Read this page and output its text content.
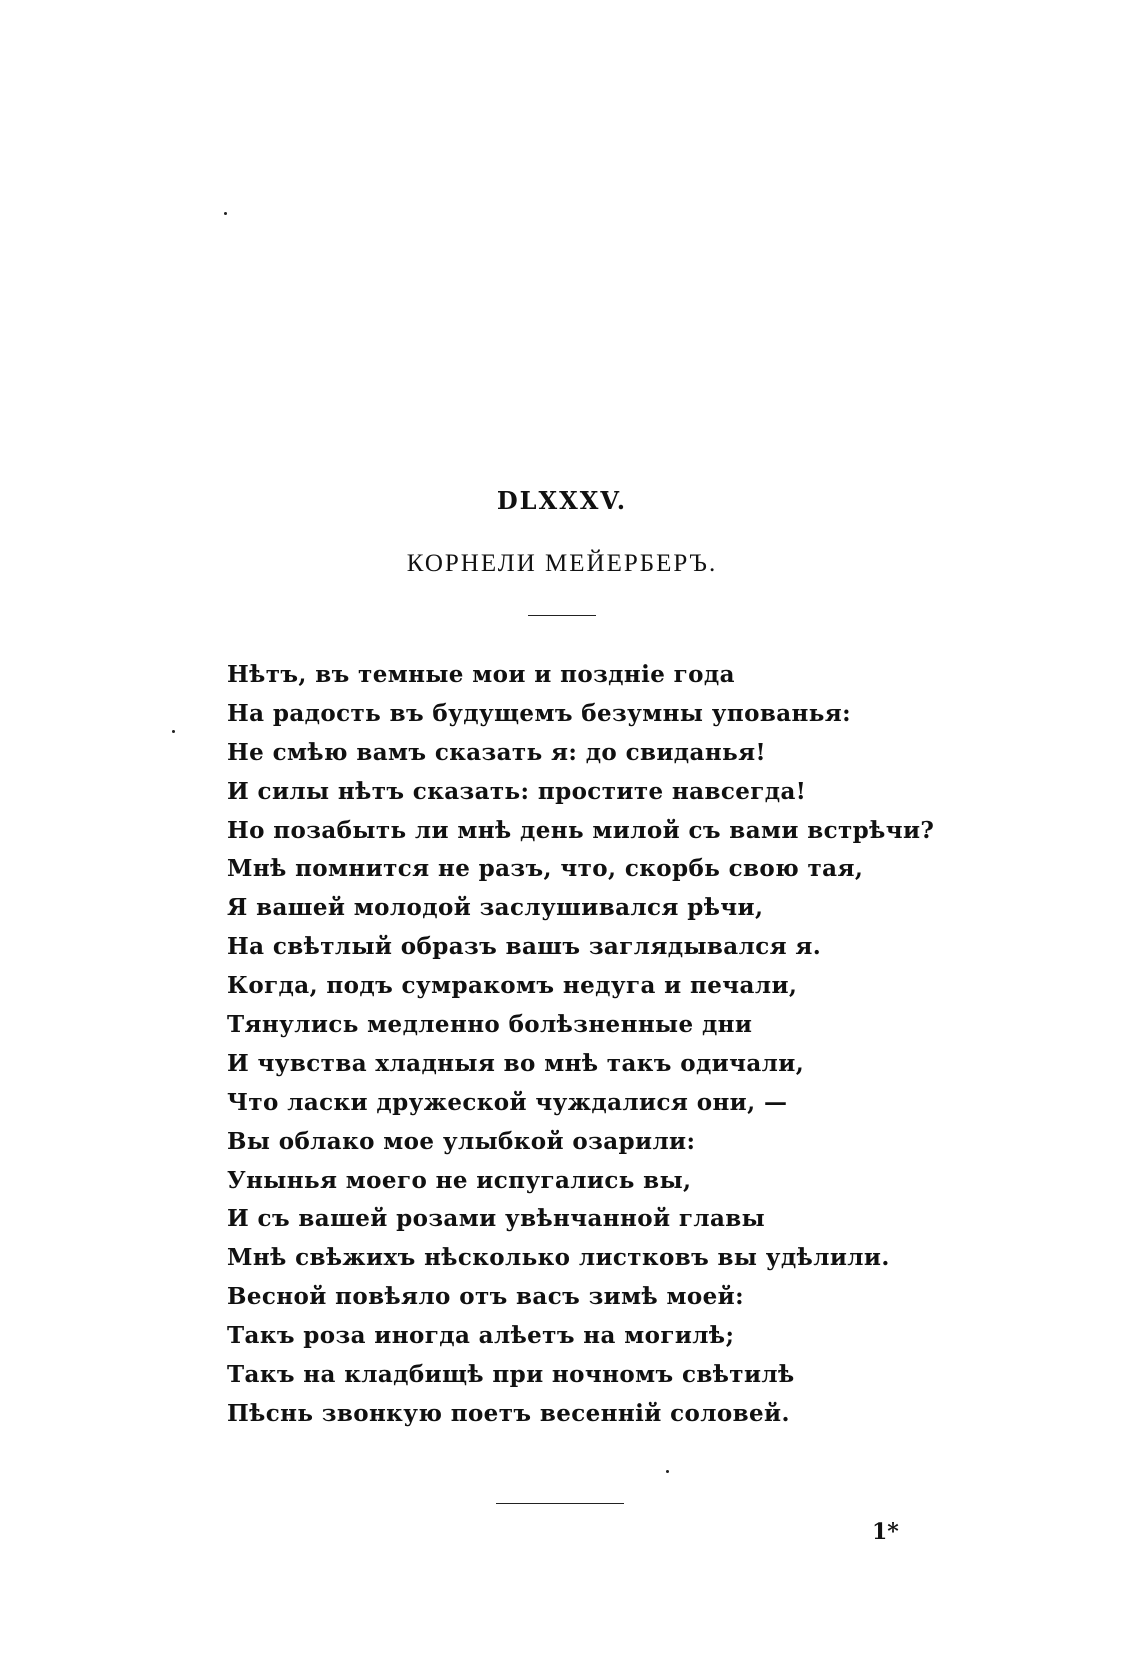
DLXXXV.
КОРНЕЛИ МЕЙЕРБЕРЪ.
Нѣтъ, въ темные мои и поздніе года
На радость въ будущемъ безумны упованья:
Не смѣю вамъ сказать я: до свиданья!
И силы нѣтъ сказать: простите навсегда!
Но позабыть ли мнѣ день милой съ вами встрѣчи?
Мнѣ помнится не разъ, что, скорбь свою тая,
Я вашей молодой заслушивался рѣчи,
На свѣтлый образъ вашъ заглядывался я.
Когда, подъ сумракомъ недуга и печали,
Тянулись медленно болѣзненные дни
И чувства хладныя во мнѣ такъ одичали,
Что ласки дружеской чуждалися они, —
Вы облако мое улыбкой озарили:
Унынья моего не испугались вы,
И съ вашей розами увѣнчанной главы
Мнѣ свѣжихъ нѣсколько листковъ вы удѣлили.
Весной повѣяло отъ васъ зимѣ моей:
Такъ роза иногда алѣетъ на могилѣ;
Такъ на кладбищѣ при ночномъ свѣтилѣ
Пѣснь звонкую поетъ весенній соловей.
1*
